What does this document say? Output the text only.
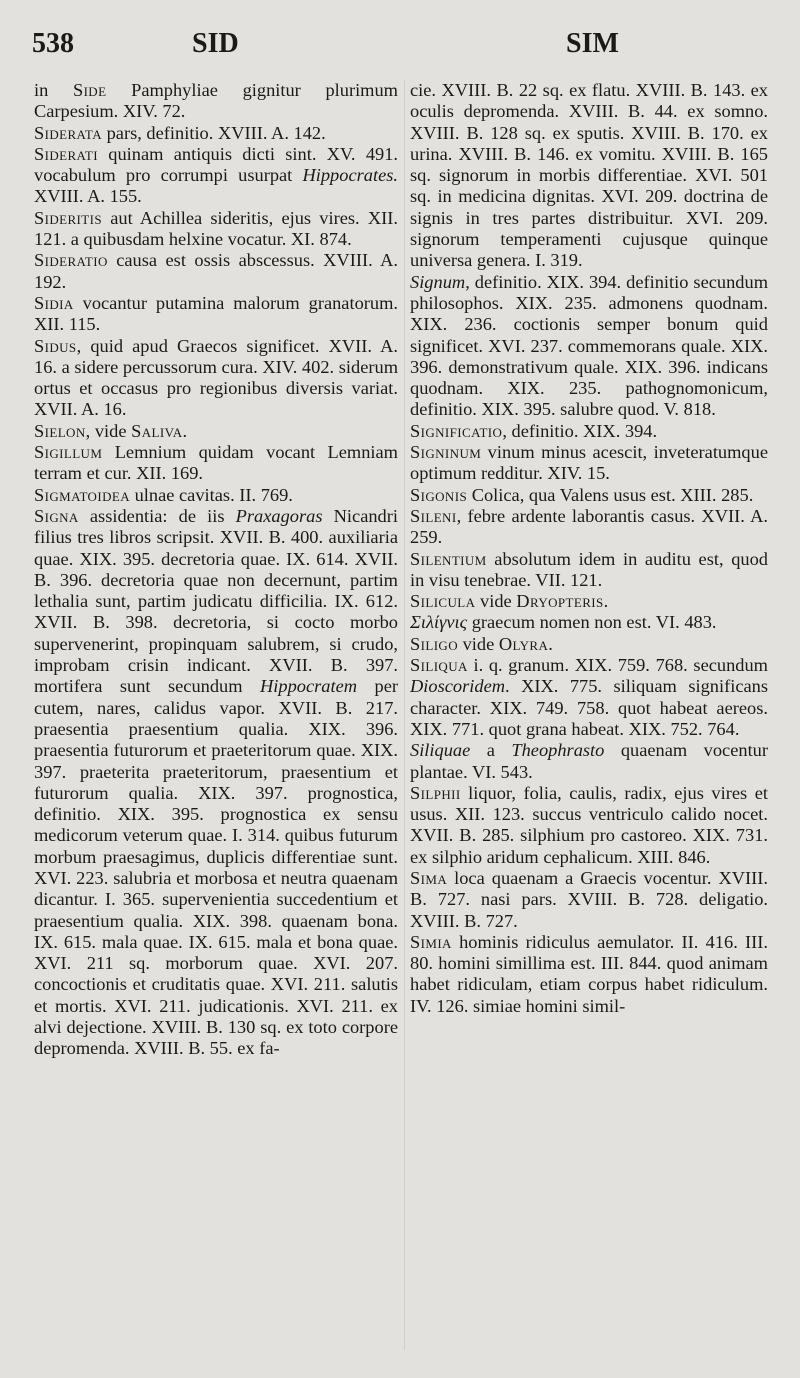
538	SID	SIM

in Side Pamphyliae gignitur plurimum Carpesium. XIV. 72.

Siderata pars, definitio. XVIII. A. 142.

Siderati quinam antiquis dicti sint. XV. 491. vocabulum pro corrumpi usurpat Hippocrates. XVIII. A. 155.

Sideritis aut Achillea sideritis, ejus vires. XII. 121. a quibusdam helxine vocatur. XI. 874.

Sideratio causa est ossis abscessus. XVIII. A. 192.

Sidia vocantur putamina malorum granatorum. XII. 115.

Sidus, quid apud Graecos significet. XVII. A. 16. a sidere percussorum cura. XIV. 402. siderum ortus et occasus pro regionibus diversis variat. XVII. A. 16.

Sielon, vide Saliva.

Sigillum Lemnium quidam vocant Lemniam terram et cur. XII. 169.

Sigmatoidea ulnae cavitas. II. 769.

Signa assidentia: de iis Praxagoras Nicandri filius tres libros scripsit. XVII. B. 400. auxiliaria quae. XIX. 395. decretoria quae. IX. 614. XVII. B. 396. decretoria quae non decernunt, partim lethalia sunt, partim judicatu difficilia. IX. 612. XVII. B. 398. decretoria, si cocto morbo supervenerint, propinquam salubrem, si crudo, improbam crisin indicant. XVII. B. 397. mortifera sunt secundum Hippocratem per cutem, nares, calidus vapor. XVII. B. 217. praesentia praesentium qualia. XIX. 396. praesentia futurorum et praeteritorum quae. XIX. 397. praeterita praeteritorum, praesentium et futurorum qualia. XIX. 397. prognostica, definitio. XIX. 395. prognostica ex sensu medicorum veterum quae. I. 314. quibus futurum morbum praesagimus, duplicis differentiae sunt. XVI. 223. salubria et morbosa et neutra quaenam dicantur. I. 365. supervenientia succedentium et praesentium qualia. XIX. 398. quaenam bona. IX. 615. mala quae. IX. 615. mala et bona quae. XVI. 211 sq. morborum quae. XVI. 207. concoctionis et cruditatis quae. XVI. 211. salutis et mortis. XVI. 211. judicationis. XVI. 211. ex alvi dejectione. XVIII. B. 130 sq. ex toto corpore depromenda. XVIII. B. 55. ex fa-

cie. XVIII. B. 22 sq. ex flatu. XVIII. B. 143. ex oculis depromenda. XVIII. B. 44. ex somno. XVIII. B. 128 sq. ex sputis. XVIII. B. 170. ex urina. XVIII. B. 146. ex vomitu. XVIII. B. 165 sq. signorum in morbis differentiae. XVI. 501 sq. in medicina dignitas. XVI. 209. doctrina de signis in tres partes distribuitur. XVI. 209. signorum temperamenti cujusque quinque universa genera. I. 319.

Signum, definitio. XIX. 394. definitio secundum philosophos. XIX. 235. admonens quodnam. XIX. 236. coctionis semper bonum quid significet. XVI. 237. commemorans quale. XIX. 396. demonstrativum quale. XIX. 396. indicans quodnam. XIX. 235. pathognomonicum, definitio. XIX. 395. salubre quod. V. 818.

Significatio, definitio. XIX. 394.

Signinum vinum minus acescit, inveteratumque optimum redditur. XIV. 15.

Sigonis Colica, qua Valens usus est. XIII. 285.

Sileni, febre ardente laborantis casus. XVII. A. 259.

Silentium absolutum idem in auditu est, quod in visu tenebrae. VII. 121.

Silicula vide Dryopteris.

Σιλίγνις graecum nomen non est. VI. 483.

Siligo vide Olyra.

Siliqua i. q. granum. XIX. 759. 768. secundum Dioscoridem. XIX. 775. siliquam significans character. XIX. 749. 758. quot habeat aereos. XIX. 771. quot grana habeat. XIX. 752. 764.

Siliquae a Theophrasto quaenam vocentur plantae. VI. 543.

Silphii liquor, folia, caulis, radix, ejus vires et usus. XII. 123. succus ventriculo calido nocet. XVII. B. 285. silphium pro castoreo. XIX. 731. ex silphio aridum cephalicum. XIII. 846.

Sima loca quaenam a Graecis vocentur. XVIII. B. 727. nasi pars. XVIII. B. 728. deligatio. XVIII. B. 727.

Simia hominis ridiculus aemulator. II. 416. III. 80. homini simillima est. III. 844. quod animam habet ridiculam, etiam corpus habet ridiculum. IV. 126. simiae homini simil-
